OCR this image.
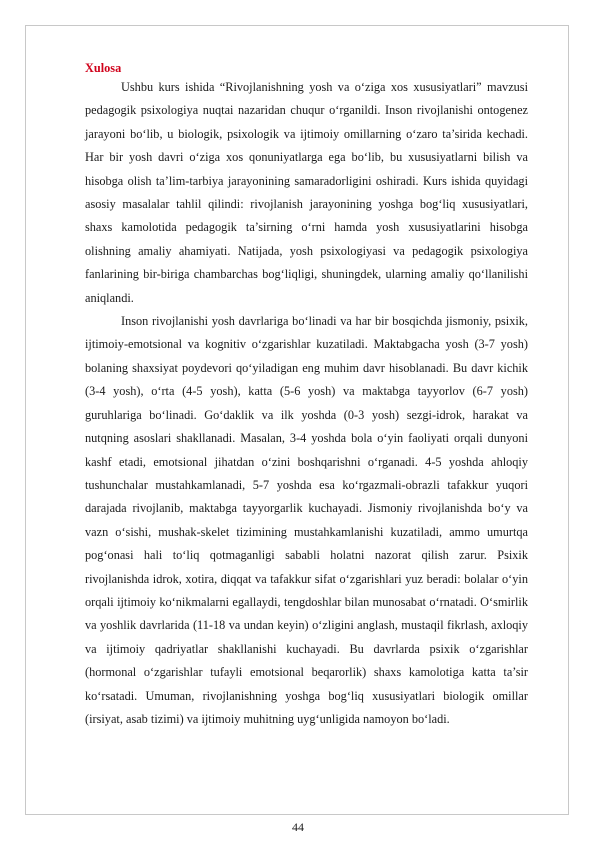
Xulosa

Ushbu kurs ishida “Rivojlanishning yosh va o‘ziga xos xususiyatlari” mavzusi pedagogik psixologiya nuqtai nazaridan chuqur o‘rganildi. Inson rivojlanishi ontogenez jarayoni bo‘lib, u biologik, psixologik va ijtimoiy omillarning o‘zaro ta’sirida kechadi. Har bir yosh davri o‘ziga xos qonuniyatlarga ega bo‘lib, bu xususiyatlarni bilish va hisobga olish ta’lim-tarbiya jarayonining samaradorligini oshiradi. Kurs ishida quyidagi asosiy masalalar tahlil qilindi: rivojlanish jarayonining yoshga bog‘liq xususiyatlari, shaxs kamolotida pedagogik ta’sirning o‘rni hamda yosh xususiyatlarini hisobga olishning amaliy ahamiyati. Natijada, yosh psixologiyasi va pedagogik psixologiya fanlarining bir-biriga chambarchas bog‘liqligi, shuningdek, ularning amaliy qo‘llanilishi aniqlandi.

Inson rivojlanishi yosh davrlariga bo‘linadi va har bir bosqichda jismoniy, psixik, ijtimoiy-emotsional va kognitiv o‘zgarishlar kuzatiladi. Maktabgacha yosh (3-7 yosh) bolaning shaxsiyat poydevori qo‘yiladigan eng muhim davr hisoblanadi. Bu davr kichik (3-4 yosh), o‘rta (4-5 yosh), katta (5-6 yosh) va maktabga tayyorlov (6-7 yosh) guruhlariga bo‘linadi. Go‘daklik va ilk yoshda (0-3 yosh) sezgi-idrok, harakat va nutqning asoslari shakllanadi. Masalan, 3-4 yoshda bola o‘yin faoliyati orqali dunyoni kashf etadi, emotsional jihatdan o‘zini boshqarishni o‘rganadi. 4-5 yoshda ahloqiy tushunchalar mustahkamlanadi, 5-7 yoshda esa ko‘rgazmali-obrazli tafakkur yuqori darajada rivojlanib, maktabga tayyorgarlik kuchayadi. Jismoniy rivojlanishda bo‘y va vazn o‘sishi, mushak-skelet tizimining mustahkamlanishi kuzatiladi, ammo umurtqa pog‘onasi hali to‘liq qotmaganligi sababli holatni nazorat qilish zarur. Psixik rivojlanishda idrok, xotira, diqqat va tafakkur sifat o‘zgarishlari yuz beradi: bolalar o‘yin orqali ijtimoiy ko‘nikmalarni egallaydi, tengdoshlar bilan munosabat o‘rnatadi. O‘smirlik va yoshlik davrlarida (11-18 va undan keyin) o‘zligini anglash, mustaqil fikrlash, axloqiy va ijtimoiy qadriyatlar shakllanishi kuchayadi. Bu davrlarda psixik o‘zgarishlar (hormonal o‘zgarishlar tufayli emotsional beqarorlik) shaxs kamolotiga katta ta’sir ko‘rsatadi. Umuman, rivojlanishning yoshga bog‘liq xususiyatlari biologik omillar (irsiyat, asab tizimi) va ijtimoiy muhitning uyg‘unligida namoyon bo‘ladi.

44
